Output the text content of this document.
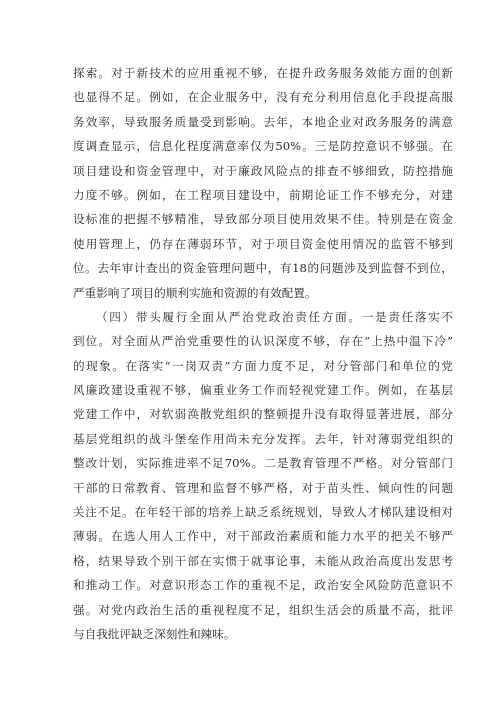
探索。对于新技术的应用重视不够，在提升政务服务效能方面的创新
也显得不足。例如，在企业服务中，没有充分利用信息化手段提高服
务效率，导致服务质量受到影响。去年，本地企业对政务服务的满意
度调查显示，信息化程度满意率仅为50%。三是防控意识不够强。在
项目建设和资金管理中，对于廉政风险点的排查不够细致，防控措施
力度不够。例如，在工程项目建设中，前期论证工作不够充分，对建
设标准的把握不够精准，导致部分项目使用效果不佳。特别是在资金
使用管理上，仍存在薄弱环节，对于项目资金使用情况的监管不够到
位。去年审计查出的资金管理问题中，有18的问题涉及到监督不到位，
严重影响了项目的顺利实施和资源的有效配置。
（四）带头履行全面从严治党政治责任方面。一是责任落实不
到位。对全面从严治党重要性的认识深度不够，存在“上热中温下冷”
的现象。在落实“一岗双责”方面力度不足，对分管部门和单位的党
风廉政建设重视不够，偏重业务工作而轻视党建工作。例如，在基层
党建工作中，对软弱涣散党组织的整顿提升没有取得显著进展，部分
基层党组织的战斗堡垒作用尚未充分发挥。去年，针对薄弱党组织的
整改计划，实际推进率不足70%。二是教育管理不严格。对分管部门
干部的日常教育、管理和监督不够严格，对于苗头性、倾向性的问题
关注不足。在年轻干部的培养上缺乏系统规划，导致人才梯队建设相对
薄弱。在选人用人工作中，对干部政治素质和能力水平的把关不够严
格，结果导致个别干部在实惯于就事论事，未能从政治高度出发思考
和推动工作。对意识形态工作的重视不足，政治安全风险防范意识不
强。对党内政治生活的重视程度不足，组织生活会的质量不高，批评
与自我批评缺乏深刻性和辣味。
